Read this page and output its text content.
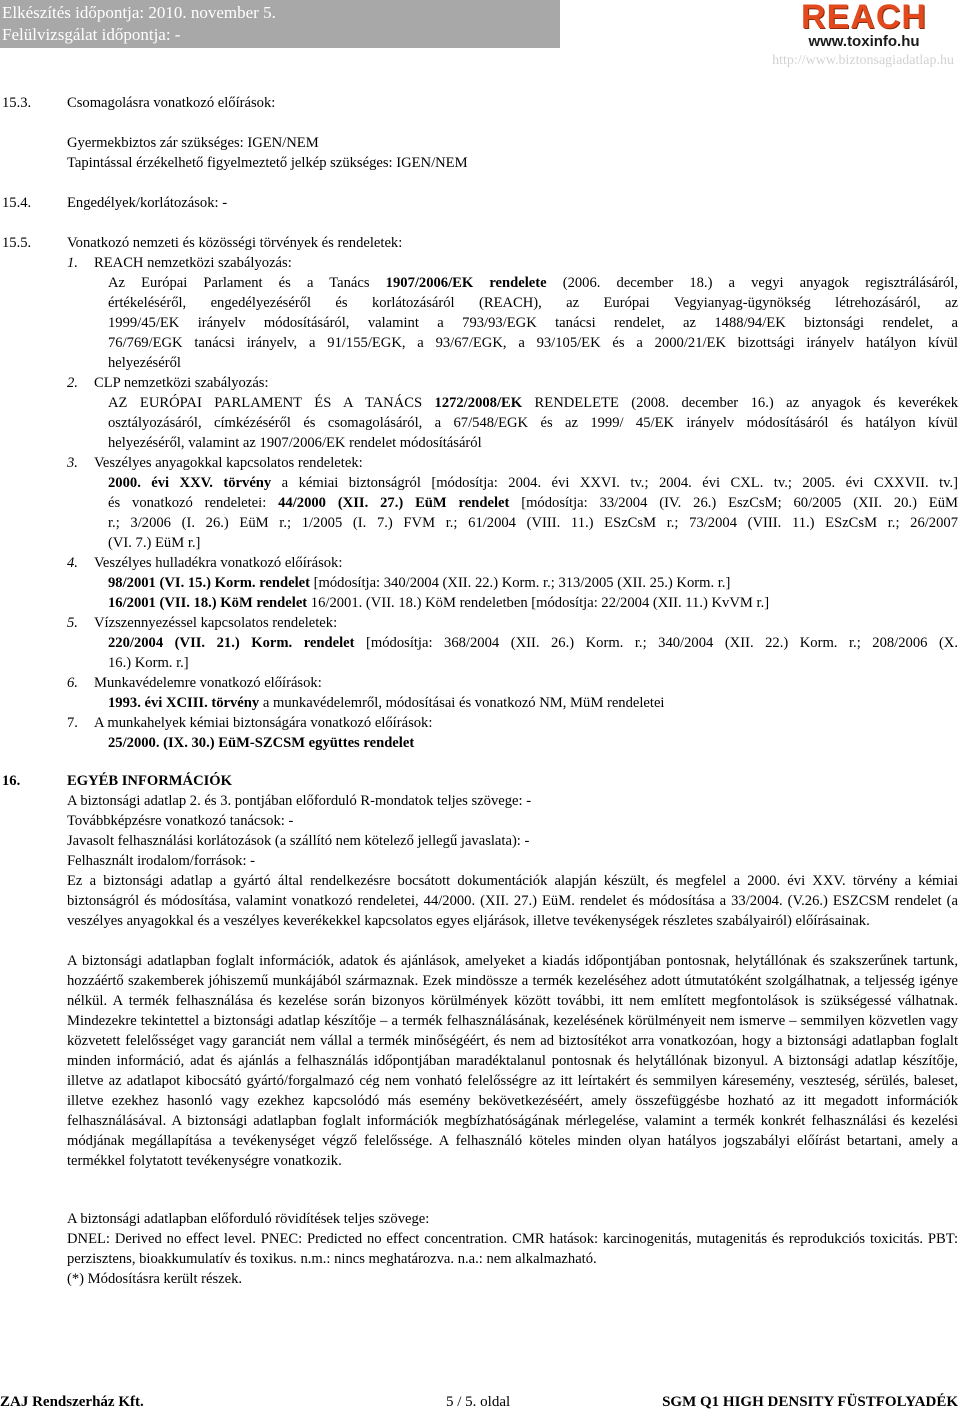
Elkészítés időpontja: 2010. november 5.
Felülvizsgálat időpontja: -	REACH
www.toxinfo.hu
http://www.biztonsagiadatlap.hu
15.3. Csomagolásra vonatkozó előírások:
Gyermekbiztos zár szükséges: IGEN/NEM
Tapintással érzékelhető figyelmeztető jelkép szükséges: IGEN/NEM
15.4. Engedélyek/korlátozások: -
15.5. Vonatkozó nemzeti és közösségi törvények és rendeletek:
1. REACH nemzetközi szabályozás:
Az Európai Parlament és a Tanács 1907/2006/EK rendelete (2006. december 18.) a vegyi anyagok regisztrálásáról,
értékeléséről, engedélyezéséről és korlátozásáról (REACH), az Európai Vegyianyag-ügynökség létrehozásáról, az
1999/45/EK irányelv módosításáról, valamint a 793/93/EGK tanácsi rendelet, az 1488/94/EK biztonsági rendelet, a
76/769/EGK tanácsi irányelv, a 91/155/EGK, a 93/67/EGK, a 93/105/EK és a 2000/21/EK bizottsági irányelv hatályon kívül
helyezéséről
2. CLP nemzetközi szabályozás:
AZ EURÓPAI PARLAMENT ÉS A TANÁCS 1272/2008/EK RENDELETE (2008. december 16.) az anyagok és keverékek
osztályozásáról, címkézéséről és csomagolásáról, a 67/548/EGK és az 1999/ 45/EK irányelv módosításáról és hatályon kívül
helyezéséről, valamint az 1907/2006/EK rendelet módosításáról
3. Veszélyes anyagokkal kapcsolatos rendeletek:
2000. évi XXV. törvény a kémiai biztonságról [módosítja: 2004. évi XXVI. tv.; 2004. évi CXL. tv.; 2005. évi CXXVII. tv.]
és vonatkozó rendeletei: 44/2000 (XII. 27.) EüM rendelet [módosítja: 33/2004 (IV. 26.) EszCsM; 60/2005 (XII. 20.) EüM
r.; 3/2006 (I. 26.) EüM r.; 1/2005 (I. 7.) FVM r.; 61/2004 (VIII. 11.) ESzCsM r.; 73/2004 (VIII. 11.) ESzCsM r.; 26/2007
(VI. 7.) EüM r.]
4. Veszélyes hulladékra vonatkozó előírások:
98/2001 (VI. 15.) Korm. rendelet [módosítja: 340/2004 (XII. 22.) Korm. r.; 313/2005 (XII. 25.) Korm. r.]
16/2001 (VII. 18.) KöM rendelet 16/2001. (VII. 18.) KöM rendeletben [módosítja: 22/2004 (XII. 11.) KvVM r.]
5. Vízszennyezéssel kapcsolatos rendeletek:
220/2004 (VII. 21.) Korm. rendelet [módosítja: 368/2004 (XII. 26.) Korm. r.; 340/2004 (XII. 22.) Korm. r.; 208/2006 (X.
16.) Korm. r.]
6. Munkavédelemre vonatkozó előírások:
1993. évi XCIII. törvény a munkavédelemről, módosításai és vonatkozó NM, MüM rendeletei
7. A munkahelyek kémiai biztonságára vonatkozó előírások:
25/2000. (IX. 30.) EüM-SZCSM együttes rendelet
16.	EGYÉB INFORMÁCIÓK
A biztonsági adatlap 2. és 3. pontjában előforduló R-mondatok teljes szövege: -
Továbbképzésre vonatkozó tanácsok: -
Javasolt felhasználási korlátozások (a szállító nem kötelező jellegű javaslata): -
Felhasznált irodalom/források: -
Ez a biztonsági adatlap a gyártó által rendelkezésre bocsátott dokumentációk alapján készült, és megfelel a 2000. évi XXV. törvény a kémiai biztonságról és módosítása, valamint vonatkozó rendeletei, 44/2000. (XII. 27.) EüM. rendelet és módosítása a 33/2004. (V.26.) ESZCSM rendelet (a veszélyes anyagokkal és a veszélyes keverékekkel kapcsolatos egyes eljárások, illetve tevékenységek részletes szabályairól) előírásainak.
A biztonsági adatlapban foglalt információk, adatok és ajánlások, amelyeket a kiadás időpontjában pontosnak, helytállónak és szakszerűnek tartunk, hozzáértő szakemberek jóhiszemű munkájából származnak. Ezek mindössze a termék kezeléséhez adott útmutatóként szolgálhatnak, a teljesség igénye nélkül. A termék felhasználása és kezelése során bizonyos körülmények között további, itt nem említett megfontolások is szükségessé válhatnak. Mindezekre tekintettel a biztonsági adatlap készítője – a termék felhasználásának, kezelésének körülményeit nem ismerve – semmilyen közvetlen vagy közvetett felelősséget vagy garanciát nem vállal a termék minőségéért, és nem ad biztosítékot arra vonatkozóan, hogy a biztonsági adatlapban foglalt minden információ, adat és ajánlás a felhasználás időpontjában maradéktalanul pontosnak és helytállónak bizonyul. A biztonsági adatlap készítője, illetve az adatlapot kibocsátó gyártó/forgalmazó cég nem vonható felelősségre az itt leírtakért és semmilyen káresemény, veszteség, sérülés, baleset, illetve ezekhez hasonló vagy ezekhez kapcsolódó más esemény bekövetkezéséért, amely összefüggésbe hozható az itt megadott információk felhasználásával. A biztonsági adatlapban foglalt információk megbízhatóságának mérlegelése, valamint a termék konkrét felhasználási és kezelési módjának megállapítása a tevékenységet végző felelőssége. A felhasználó köteles minden olyan hatályos jogszabályi előírást betartani, amely a termékkel folytatott tevékenységre vonatkozik.
A biztonsági adatlapban előforduló rövidítések teljes szövege:
DNEL: Derived no effect level. PNEC: Predicted no effect concentration. CMR hatások: karcinogenitás, mutagenitás és reprodukciós toxicitás. PBT: perzisztens, bioakkumulatív és toxikus. n.m.: nincs meghatározva. n.a.: nem alkalmazható.
(*) Módosításra került részek.
ZAJ Rendszerház Kft.	5 / 5. oldal	SGM Q1 HIGH DENSITY FÜSTFOLYADÉK
